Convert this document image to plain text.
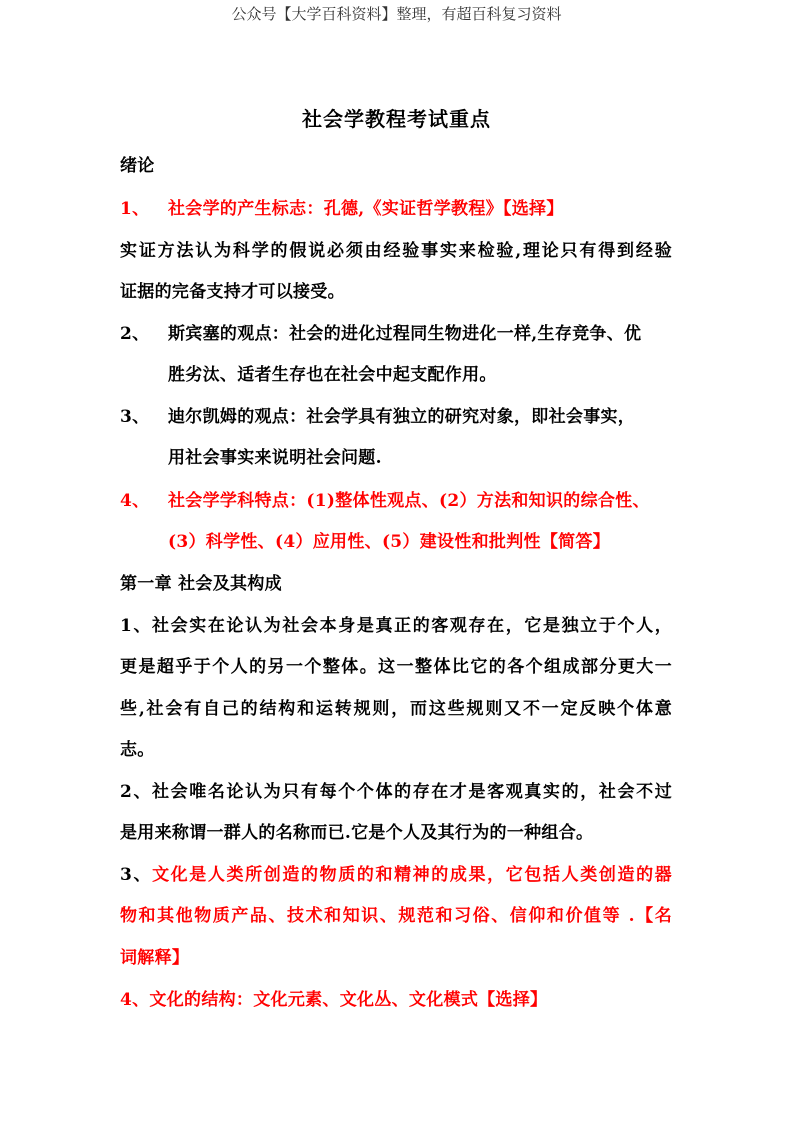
公众号【大学百科资料】整理，有超百科复习资料
社会学教程考试重点
绪论
1、 社会学的产生标志：孔德,《实证哲学教程》【选择】
实证方法认为科学的假说必须由经验事实来检验,理论只有得到经验
证据的完备支持才可以接受。
2、 斯宾塞的观点：社会的进化过程同生物进化一样,生存竞争、优
胜劣汰、适者生存也在社会中起支配作用。
3、 迪尔凯姆的观点：社会学具有独立的研究对象，即社会事实，
用社会事实来说明社会问题.
4、 社会学学科特点：(1)整体性观点、(2）方法和知识的综合性、
(3）科学性、(4）应用性、(5）建设性和批判性【简答】
第一章 社会及其构成
1、社会实在论认为社会本身是真正的客观存在，它是独立于个人，
更是超乎于个人的另一个整体。这一整体比它的各个组成部分更大一
些,社会有自己的结构和运转规则，而这些规则又不一定反映个体意
志。
2、社会唯名论认为只有每个个体的存在才是客观真实的，社会不过
是用来称谓一群人的名称而已.它是个人及其行为的一种组合。
3、文化是人类所创造的物质的和精神的成果，它包括人类创造的器
物和其他物质产品、技术和知识、规范和习俗、信仰和价值等 .【名
词解释】
4、文化的结构：文化元素、文化丛、文化模式【选择】
